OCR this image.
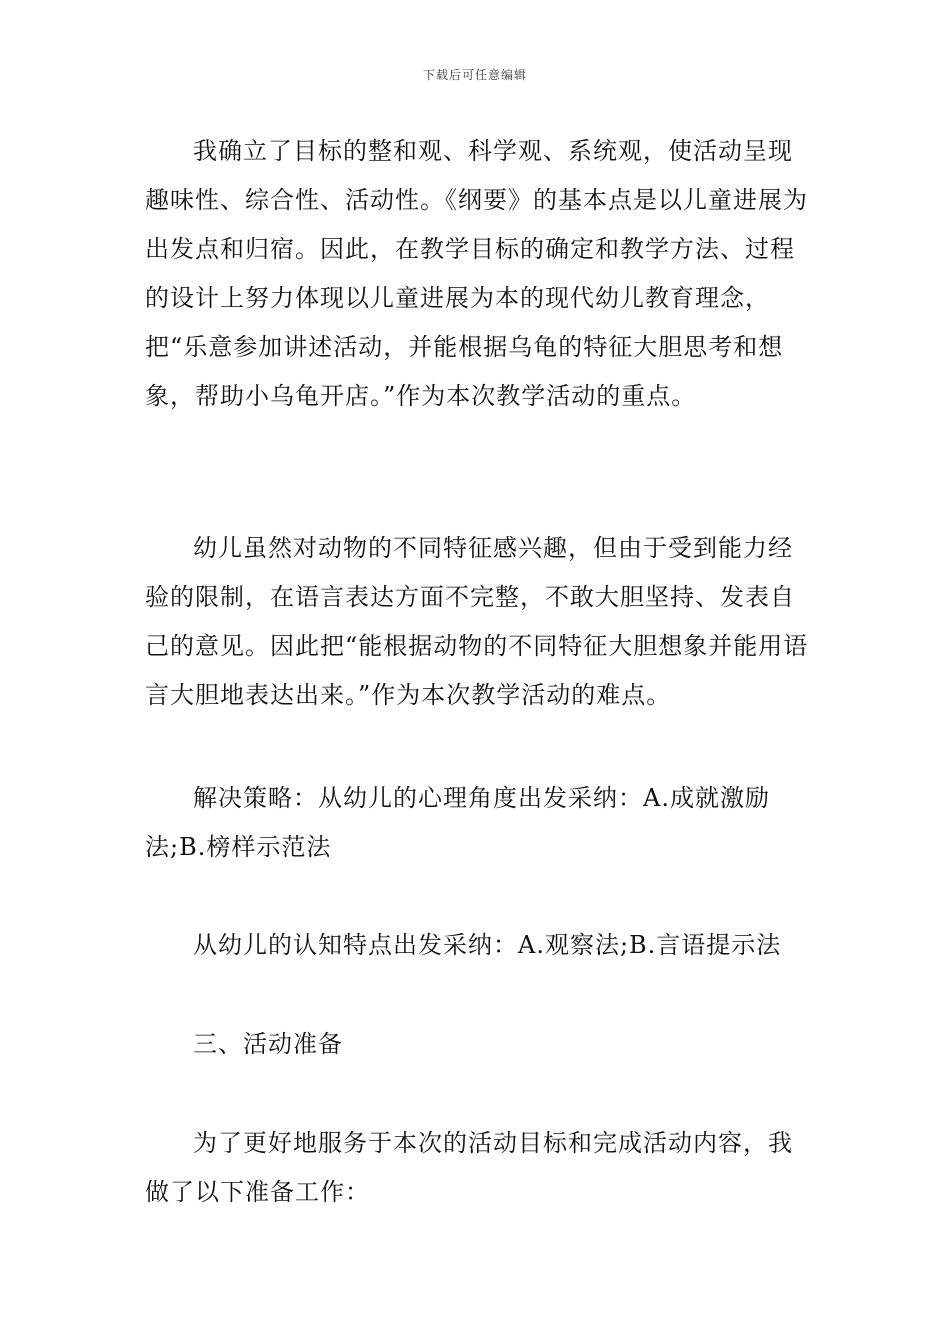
下载后可任意编辑

我确立了目标的整和观、科学观、系统观，使活动呈现趣味性、综合性、活动性。《纲要》的基本点是以儿童进展为出发点和归宿。因此，在教学目标的确定和教学方法、过程的设计上努力体现以儿童进展为本的现代幼儿教育理念，把“乐意参加讲述活动，并能根据乌龟的特征大胆思考和想象，帮助小乌龟开店。”作为本次教学活动的重点。

幼儿虽然对动物的不同特征感兴趣，但由于受到能力经验的限制，在语言表达方面不完整，不敢大胆坚持、发表自己的意见。因此把“能根据动物的不同特征大胆想象并能用语言大胆地表达出来。”作为本次教学活动的难点。

解决策略：从幼儿的心理角度出发采纳：A.成就激励法;B.榜样示范法

从幼儿的认知特点出发采纳：A.观察法;B.言语提示法

三、活动准备

为了更好地服务于本次的活动目标和完成活动内容，我做了以下准备工作：
